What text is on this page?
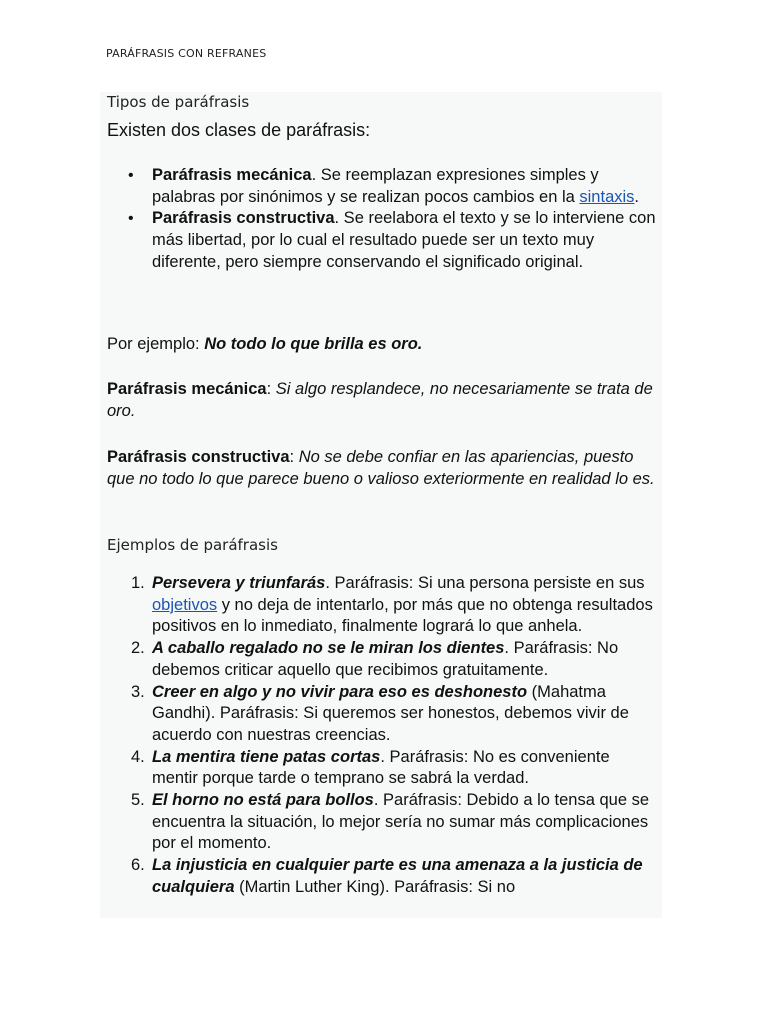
PARÁFRASIS CON REFRANES
Tipos de paráfrasis
Existen dos clases de paráfrasis:
• Paráfrasis mecánica. Se reemplazan expresiones simples y palabras por sinónimos y se realizan pocos cambios en la sintaxis.
• Paráfrasis constructiva. Se reelabora el texto y se lo interviene con más libertad, por lo cual el resultado puede ser un texto muy diferente, pero siempre conservando el significado original.
Por ejemplo: No todo lo que brilla es oro.
Paráfrasis mecánica: Si algo resplandece, no necesariamente se trata de oro.
Paráfrasis constructiva: No se debe confiar en las apariencias, puesto que no todo lo que parece bueno o valioso exteriormente en realidad lo es.
Ejemplos de paráfrasis
1. Persevera y triunfarás. Paráfrasis: Si una persona persiste en sus objetivos y no deja de intentarlo, por más que no obtenga resultados positivos en lo inmediato, finalmente logrará lo que anhela.
2. A caballo regalado no se le miran los dientes. Paráfrasis: No debemos criticar aquello que recibimos gratuitamente.
3. Creer en algo y no vivir para eso es deshonesto (Mahatma Gandhi). Paráfrasis: Si queremos ser honestos, debemos vivir de acuerdo con nuestras creencias.
4. La mentira tiene patas cortas. Paráfrasis: No es conveniente mentir porque tarde o temprano se sabrá la verdad.
5. El horno no está para bollos. Paráfrasis: Debido a lo tensa que se encuentra la situación, lo mejor sería no sumar más complicaciones por el momento.
6. La injusticia en cualquier parte es una amenaza a la justicia de cualquiera (Martin Luther King). Paráfrasis: Si no
